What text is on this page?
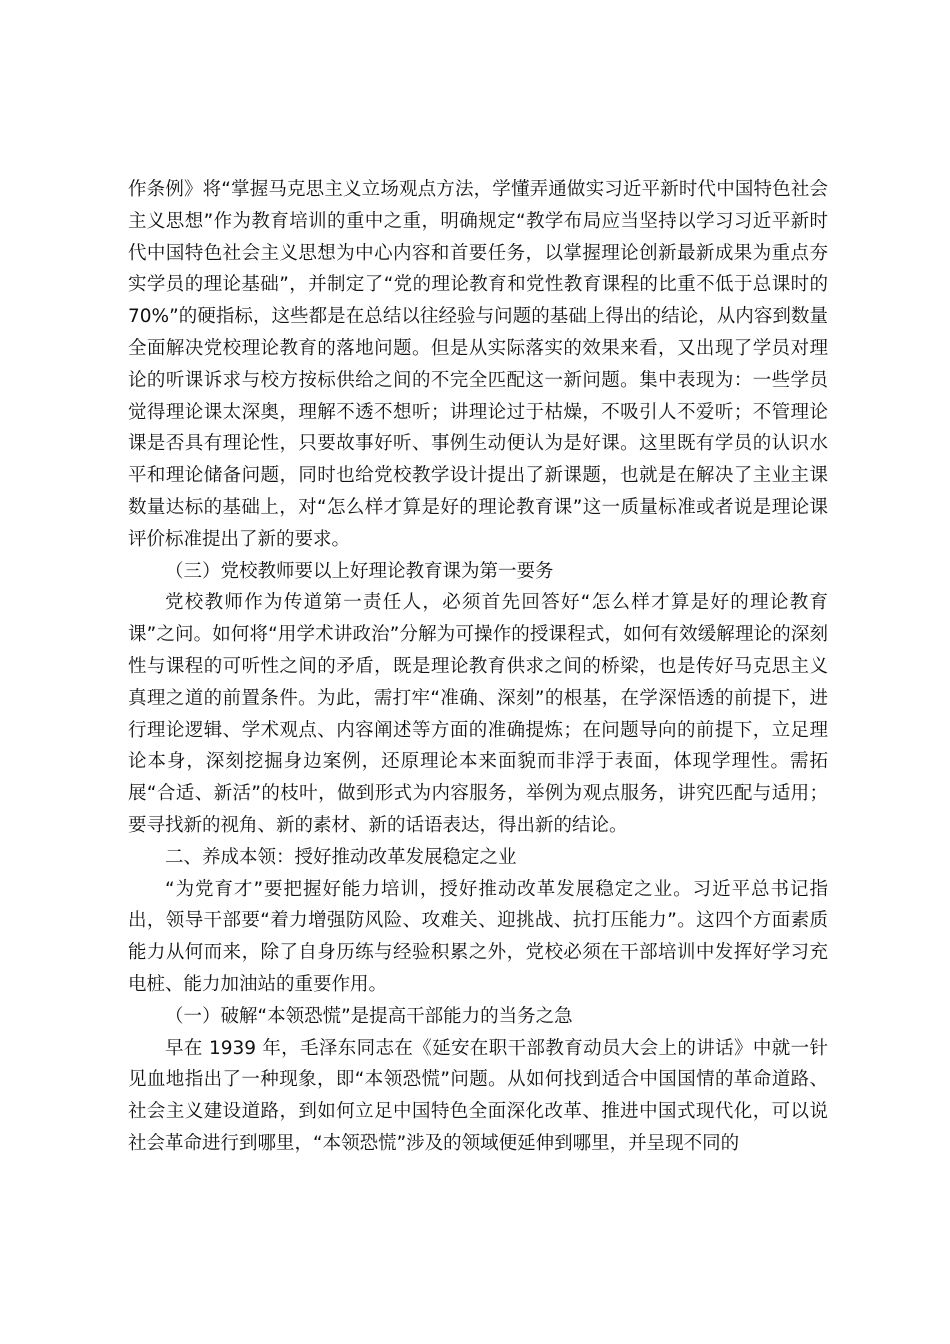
作条例》将“掌握马克思主义立场观点方法，学懂弄通做实习近平新时代中国特色社会主义思想”作为教育培训的重中之重，明确规定“教学布局应当坚持以学习习近平新时代中国特色社会主义思想为中心内容和首要任务，以掌握理论创新最新成果为重点夯实学员的理论基础”，并制定了“党的理论教育和党性教育课程的比重不低于总课时的 70%”的硬指标，这些都是在总结以往经验与问题的基础上得出的结论，从内容到数量全面解决党校理论教育的落地问题。但是从实际落实的效果来看，又出现了学员对理论的听课诉求与校方按标供给之间的不完全匹配这一新问题。集中表现为：一些学员觉得理论课太深奥，理解不透不想听；讲理论过于枯燥，不吸引人不爱听；不管理论课是否具有理论性，只要故事好听、事例生动便认为是好课。这里既有学员的认识水平和理论储备问题，同时也给党校教学设计提出了新课题，也就是在解决了主业主课数量达标的基础上，对“怎么样才算是好的理论教育课”这一质量标准或者说是理论课评价标准提出了新的要求。

（三）党校教师要以上好理论教育课为第一要务

党校教师作为传道第一责任人，必须首先回答好“怎么样才算是好的理论教育课”之问。如何将“用学术讲政治”分解为可操作的授课程式，如何有效缓解理论的深刻性与课程的可听性之间的矛盾，既是理论教育供求之间的桥梁，也是传好马克思主义真理之道的前置条件。为此，需打牢“准确、深刻”的根基，在学深悟透的前提下，进行理论逻辑、学术观点、内容阐述等方面的准确提炼；在问题导向的前提下，立足理论本身，深刻挖掘身边案例，还原理论本来面貌而非浮于表面，体现学理性。需拓展“合适、新活”的枝叶，做到形式为内容服务，举例为观点服务，讲究匹配与适用；要寻找新的视角、新的素材、新的话语表达，得出新的结论。

二、养成本领：授好推动改革发展稳定之业

“为党育才”要把握好能力培训，授好推动改革发展稳定之业。习近平总书记指出，领导干部要“着力增强防风险、攻难关、迎挑战、抗打压能力”。这四个方面素质能力从何而来，除了自身历练与经验积累之外，党校必须在干部培训中发挥好学习充电桩、能力加油站的重要作用。

（一）破解“本领恐慌”是提高干部能力的当务之急

早在 1939 年，毛泽东同志在《延安在职干部教育动员大会上的讲话》中就一针见血地指出了一种现象，即“本领恐慌”问题。从如何找到适合中国国情的革命道路、社会主义建设道路，到如何立足中国特色全面深化改革、推进中国式现代化，可以说社会革命进行到哪里，“本领恐慌”涉及的领域便延伸到哪里，并呈现不同的
